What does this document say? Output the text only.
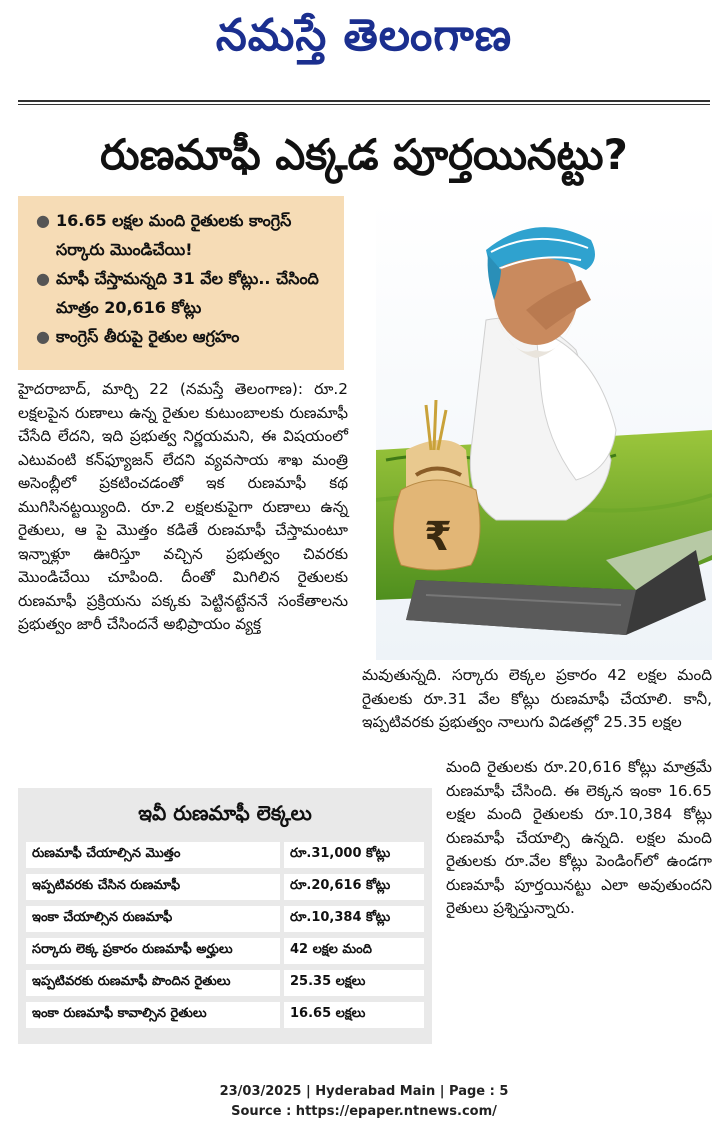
నమస్తే తెలంగాణ
రుణమాఫీ ఎక్కడ పూర్తయినట్టు?
● 16.65 లక్షల మంది రైతులకు కాంగ్రెస్ సర్కారు మొండిచేయి!
● మాఫీ చేస్తామన్నది 31 వేల కోట్లు.. చేసింది మాత్రం 20,616 కోట్లు
● కాంగ్రెస్ తీరుపై రైతుల ఆగ్రహం
₹

హైదరాబాద్, మార్చి 22 (నమస్తే తెలంగాణ): రూ.2 లక్షలపైన రుణాలు ఉన్న రైతుల కుటుంబాలకు రుణమాఫీ చేసేది లేదని, ఇది ప్రభుత్వ నిర్ణయమని, ఈ విషయంలో ఎటువంటి కన్‌ఫ్యూజన్ లేదని వ్యవసాయ శాఖ మంత్రి అసెంబ్లీలో ప్రకటించడంతో ఇక రుణమాఫీ కథ ముగిసినట్టయ్యింది. రూ.2 లక్షలకుపైగా రుణాలు ఉన్న రైతులు, ఆ పై మొత్తం కడితే రుణమాఫీ చేస్తామంటూ ఇన్నాళ్లూ ఊరిస్తూ వచ్చిన ప్రభుత్వం చివరకు మొండిచేయి చూపింది. దీంతో మిగిలిన రైతులకు రుణమాఫీ ప్రక్రియను పక్కకు పెట్టినట్టేననే సంకేతాలను ప్రభుత్వం జారీ చేసిందనే అభిప్రాయం వ్యక్త

మవుతున్నది. సర్కారు లెక్కల ప్రకారం 42 లక్షల మంది రైతులకు రూ.31 వేల కోట్లు రుణమాఫీ చేయాలి. కానీ, ఇప్పటివరకు ప్రభుత్వం నాలుగు విడతల్లో 25.35 లక్షల

మంది రైతులకు రూ.20,616 కోట్లు మాత్రమే రుణమాఫీ చేసింది. ఈ లెక్కన ఇంకా 16.65 లక్షల మంది రైతులకు రూ.10,384 కోట్లు రుణమాఫీ చేయాల్సి ఉన్నది. లక్షల మంది రైతులకు రూ.వేల కోట్లు పెండింగ్‌లో ఉండగా రుణమాఫీ పూర్తయినట్టు ఎలా అవుతుందని రైతులు ప్రశ్నిస్తున్నారు.

ఇవీ రుణమాఫీ లెక్కలు
రుణమాఫీ చేయాల్సిన మొత్తం	రూ.31,000 కోట్లు
ఇప్పటివరకు చేసిన రుణమాఫీ	రూ.20,616 కోట్లు
ఇంకా చేయాల్సిన రుణమాఫీ	రూ.10,384 కోట్లు
సర్కారు లెక్క ప్రకారం రుణమాఫీ అర్హులు	42 లక్షల మంది
ఇప్పటివరకు రుణమాఫీ పొందిన రైతులు	25.35 లక్షలు
ఇంకా రుణమాఫీ కావాల్సిన రైతులు	16.65 లక్షలు
23/03/2025 | Hyderabad Main | Page : 5
Source : https://epaper.ntnews.com/
